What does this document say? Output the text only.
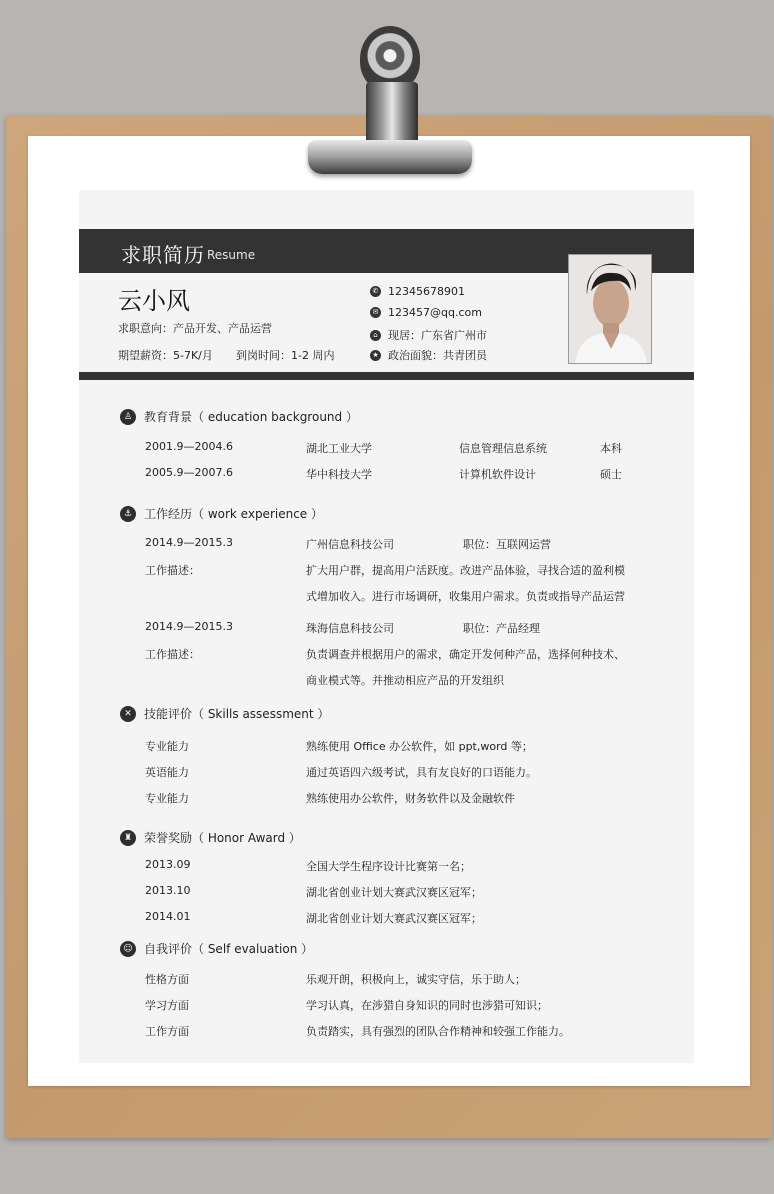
求职简历 Resume
云小风
求职意向：产品开发、产品运营
期望薪资：5-7K/月 到岗时间：1-2 周内
✆ 12345678901
✉ 123457@qq.com
⌂ 现居：广东省广州市
★ 政治面貌：共青团员
♙ 教育背景（ education background ）
2001.9—2004.6	湖北工业大学	信息管理信息系统	本科
2005.9—2007.6	华中科技大学	计算机软件设计	硕士
⚓ 工作经历（ work experience ）
2014.9—2015.3	广州信息科技公司	职位：互联网运营
工作描述：	扩大用户群，提高用户活跃度。改进产品体验，寻找合适的盈利模
式增加收入。进行市场调研，收集用户需求。负责或指导产品运营
2014.9—2015.3	珠海信息科技公司	职位：产品经理
工作描述：	负责调查并根据用户的需求，确定开发何种产品，选择何种技术、
商业模式等。并推动相应产品的开发组织
✕	技能评价（ Skills assessment ）
专业能力	熟练使用 Office 办公软件，如 ppt,word 等；
英语能力	通过英语四六级考试，具有友良好的口语能力。
专业能力	熟练使用办公软件，财务软件以及金融软件
♜ 荣誉奖励（ Honor Award ）
2013.09	全国大学生程序设计比赛第一名；
2013.10	湖北省创业计划大赛武汉赛区冠军；
2014.01	湖北省创业计划大赛武汉赛区冠军；
☺ 自我评价（ Self evaluation ）
性格方面	乐观开朗，积极向上，诚实守信，乐于助人；
学习方面	学习认真，在涉猎自身知识的同时也涉猎可知识；
工作方面	负责踏实，具有强烈的团队合作精神和较强工作能力。
